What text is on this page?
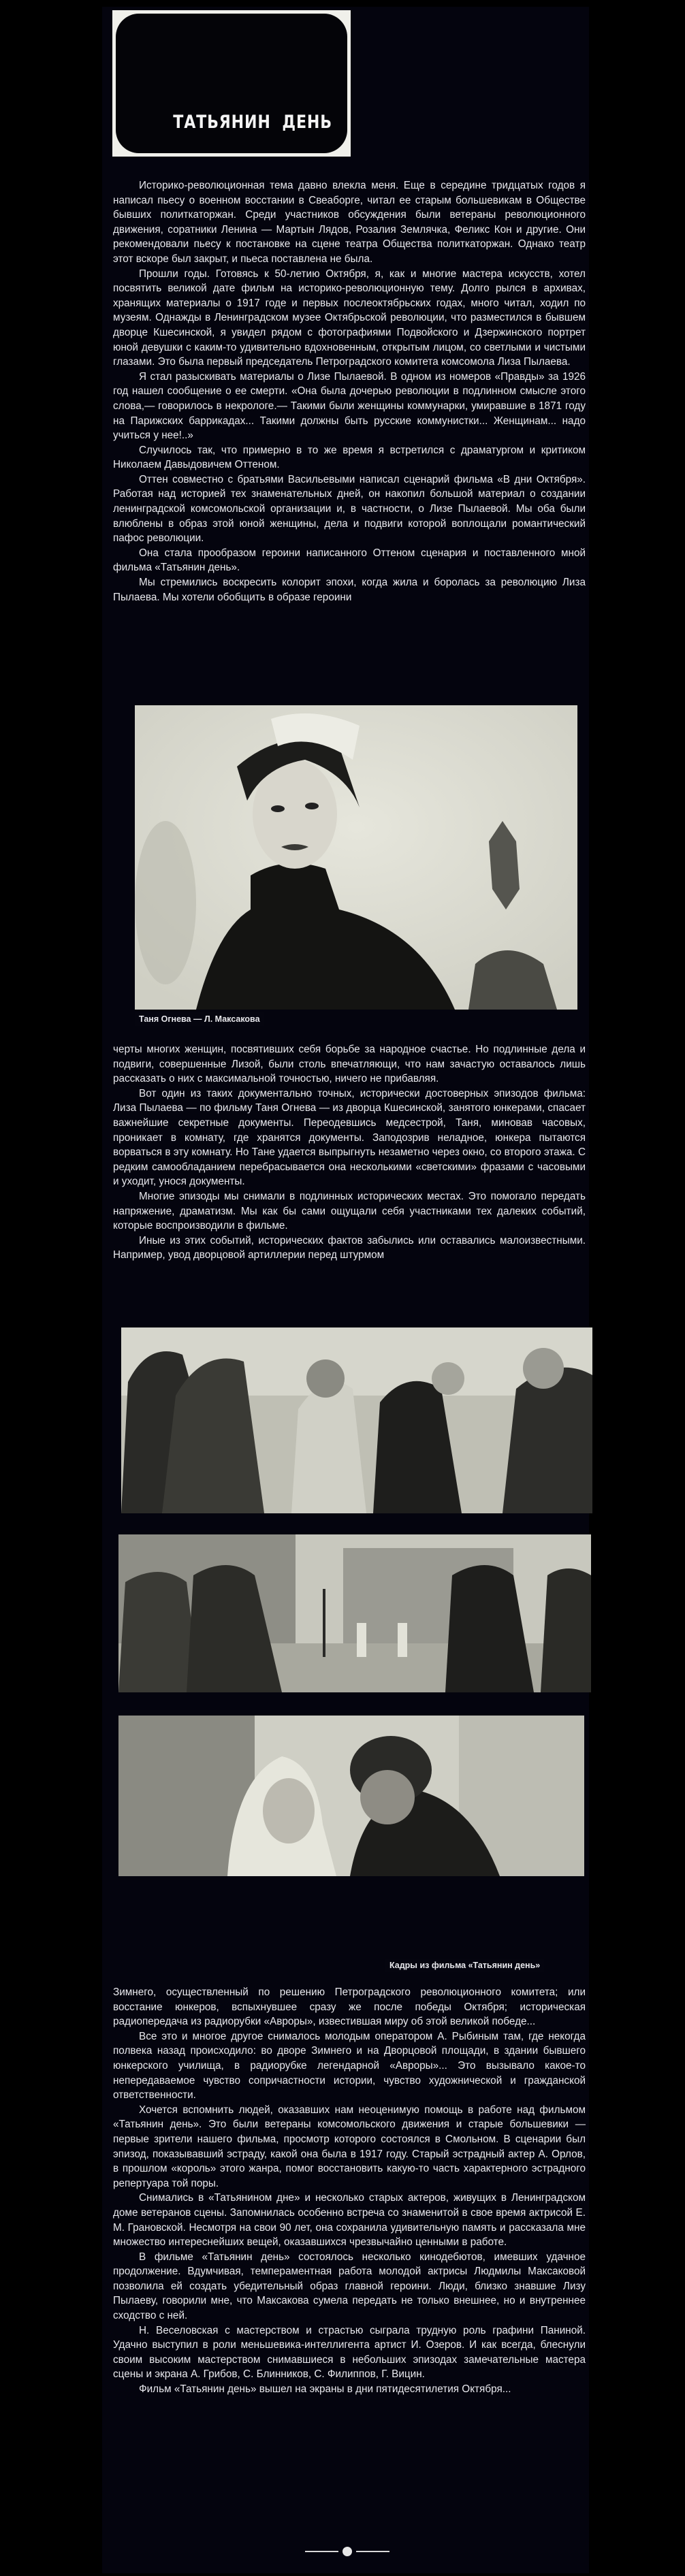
ТАТЬЯНИН ДЕНЬ

Историко-революционная тема давно влекла меня. Еще в середине тридцатых годов я написал пьесу о военном восстании в Свеаборге, читал ее старым большевикам в Обществе бывших политкаторжан. Среди участников обсуждения были ветераны революционного движения, соратники Ленина — Мартын Лядов, Розалия Землячка, Феликс Кон и другие. Они рекомендовали пьесу к постановке на сцене театра Общества политкаторжан. Однако театр этот вскоре был закрыт, и пьеса поставлена не была.

Прошли годы. Готовясь к 50-летию Октября, я, как и многие мастера искусств, хотел посвятить великой дате фильм на историко-революционную тему. Долго рылся в архивах, хранящих материалы о 1917 годе и первых послеоктябрьских годах, много читал, ходил по музеям. Однажды в Ленинградском музее Октябрьской революции, что разместился в бывшем дворце Кшесинской, я увидел рядом с фотографиями Подвойского и Дзержинского портрет юной девушки с каким-то удивительно вдохновенным, открытым лицом, со светлыми и чистыми глазами. Это была первый председатель Петроградского комитета комсомола Лиза Пылаева.

Я стал разыскивать материалы о Лизе Пылаевой. В одном из номеров «Правды» за 1926 год нашел сообщение о ее смерти. «Она была дочерью революции в подлинном смысле этого слова,— говорилось в некрологе.— Такими были женщины коммунарки, умиравшие в 1871 году на Парижских баррикадах... Такими должны быть русские коммунистки... Женщинам... надо учиться у нее!..»

Случилось так, что примерно в то же время я встретился с драматургом и критиком Николаем Давыдовичем Оттеном.

Оттен совместно с братьями Васильевыми написал сценарий фильма «В дни Октября». Работая над историей тех знаменательных дней, он накопил большой материал о создании ленинградской комсомольской организации и, в частности, о Лизе Пылаевой. Мы оба были влюблены в образ этой юной женщины, дела и подвиги которой воплощали романтический пафос революции.

Она стала прообразом героини написанного Оттеном сценария и поставленного мной фильма «Татьянин день».

Мы стремились воскресить колорит эпохи, когда жила и боролась за революцию Лиза Пылаева. Мы хотели обобщить в образе героини

Таня Огнева — Л. Максакова

черты многих женщин, посвятивших себя борьбе за народное счастье. Но подлинные дела и подвиги, совершенные Лизой, были столь впечатляющи, что нам зачастую оставалось лишь рассказать о них с максимальной точностью, ничего не прибавляя.

Вот один из таких документально точных, исторически достоверных эпизодов фильма: Лиза Пылаева — по фильму Таня Огнева — из дворца Кшесинской, занятого юнкерами, спасает важнейшие секретные документы. Переодевшись медсестрой, Таня, миновав часовых, проникает в комнату, где хранятся документы. Заподозрив неладное, юнкера пытаются ворваться в эту комнату. Но Тане удается выпрыгнуть незаметно через окно, со второго этажа. С редким самообладанием перебрасывается она несколькими «светскими» фразами с часовыми и уходит, унося документы.

Многие эпизоды мы снимали в подлинных исторических местах. Это помогало передать напряжение, драматизм. Мы как бы сами ощущали себя участниками тех далеких событий, которые воспроизводили в фильме.

Иные из этих событий, исторических фактов забылись или оставались малоизвестными. Например, увод дворцовой артиллерии перед штурмом

Кадры из фильма «Татьянин день»

Зимнего, осуществленный по решению Петроградского революционного комитета; или восстание юнкеров, вспыхнувшее сразу же после победы Октября; историческая радиопередача из радиорубки «Авроры», известившая миру об этой великой победе...

Все это и многое другое снималось молодым оператором А. Рыбиным там, где некогда полвека назад происходило: во дворе Зимнего и на Дворцовой площади, в здании бывшего юнкерского училища, в радиорубке легендарной «Авроры»... Это вызывало какое-то непередаваемое чувство сопричастности истории, чувство художнической и гражданской ответственности.

Хочется вспомнить людей, оказавших нам неоценимую помощь в работе над фильмом «Татьянин день». Это были ветераны комсомольского движения и старые большевики — первые зрители нашего фильма, просмотр которого состоялся в Смольном. В сценарии был эпизод, показывавший эстраду, какой она была в 1917 году. Старый эстрадный актер А. Орлов, в прошлом «король» этого жанра, помог восстановить какую-то часть характерного эстрадного репертуара той поры.

Снимались в «Татьянином дне» и несколько старых актеров, живущих в Ленинградском доме ветеранов сцены. Запомнилась особенно встреча со знаменитой в свое время актрисой Е. М. Грановской. Несмотря на свои 90 лет, она сохранила удивительную память и рассказала мне множество интереснейших вещей, оказавшихся чрезвычайно ценными в работе.

В фильме «Татьянин день» состоялось несколько кинодебютов, имевших удачное продолжение. Вдумчивая, темпераментная работа молодой актрисы Людмилы Максаковой позволила ей создать убедительный образ главной героини. Люди, близко знавшие Лизу Пылаеву, говорили мне, что Максакова сумела передать не только внешнее, но и внутреннее сходство с ней.

Н. Веселовская с мастерством и страстью сыграла трудную роль графини Паниной. Удачно выступил в роли меньшевика-интеллигента артист И. Озеров. И как всегда, блеснули своим высоким мастерством снимавшиеся в небольших эпизодах замечательные мастера сцены и экрана А. Грибов, С. Блинников, С. Филиппов, Г. Вицин.

Фильм «Татьянин день» вышел на экраны в дни пятидесятилетия Октября...
